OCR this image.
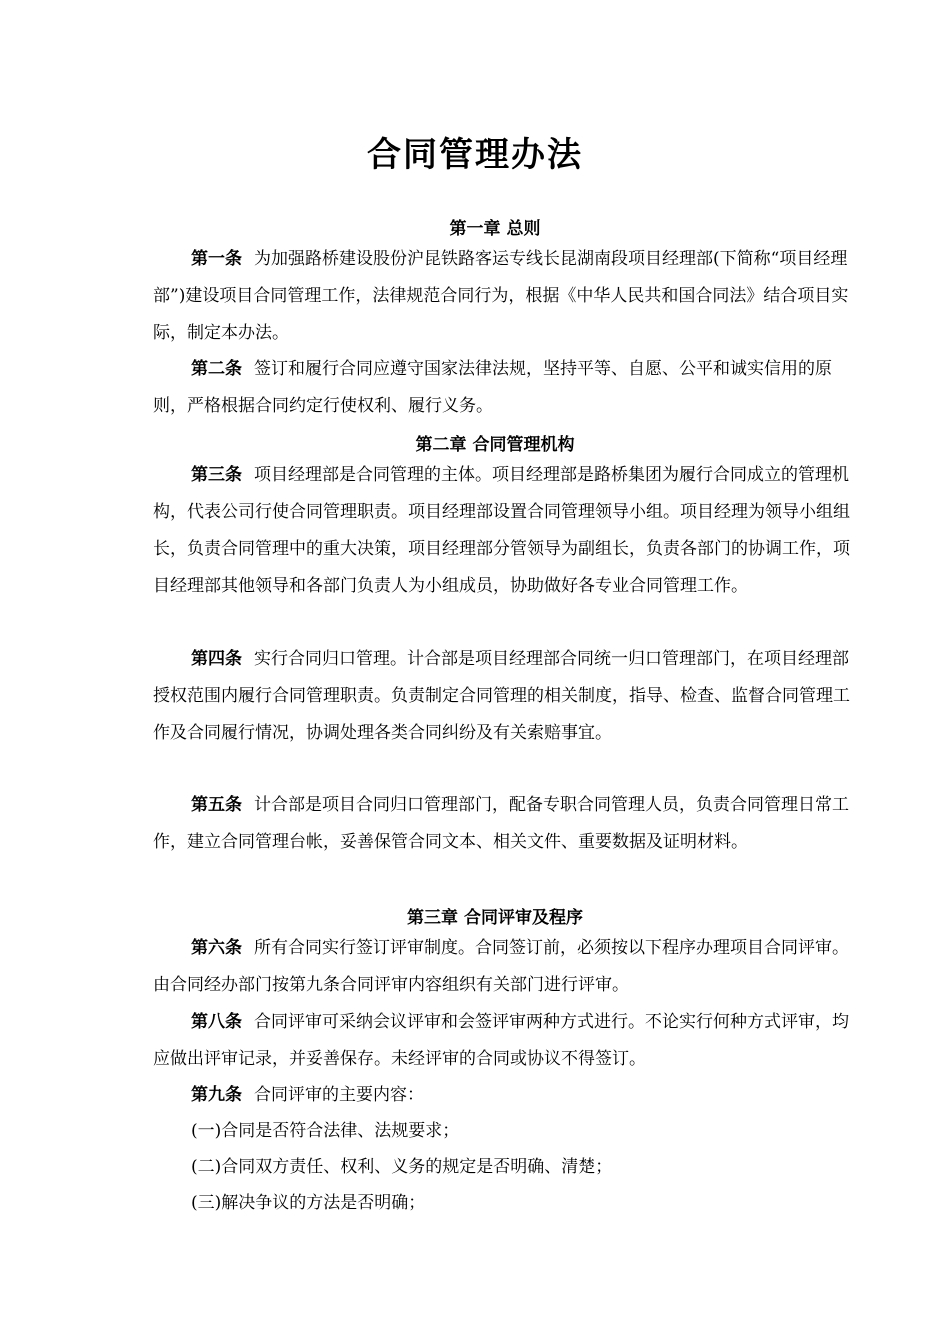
合同管理办法
第一章 总则

第一条 为加强路桥建设股份沪昆铁路客运专线长昆湖南段项目经理部(下简称“项目经理部”)建设项目合同管理工作，法律规范合同行为，根据《中华人民共和国合同法》结合项目实际，制定本办法。

第二条 签订和履行合同应遵守国家法律法规，坚持平等、自愿、公平和诚实信用的原则，严格根据合同约定行使权利、履行义务。

第二章 合同管理机构

第三条 项目经理部是合同管理的主体。项目经理部是路桥集团为履行合同成立的管理机构，代表公司行使合同管理职责。项目经理部设置合同管理领导小组。项目经理为领导小组组长，负责合同管理中的重大决策，项目经理部分管领导为副组长，负责各部门的协调工作，项目经理部其他领导和各部门负责人为小组成员，协助做好各专业合同管理工作。

第四条 实行合同归口管理。计合部是项目经理部合同统一归口管理部门，在项目经理部授权范围内履行合同管理职责。负责制定合同管理的相关制度，指导、检查、监督合同管理工作及合同履行情况，协调处理各类合同纠纷及有关索赔事宜。

第五条 计合部是项目合同归口管理部门，配备专职合同管理人员，负责合同管理日常工作，建立合同管理台帐，妥善保管合同文本、相关文件、重要数据及证明材料。

第三章 合同评审及程序

第六条 所有合同实行签订评审制度。合同签订前，必须按以下程序办理项目合同评审。由合同经办部门按第九条合同评审内容组织有关部门进行评审。

第八条 合同评审可采纳会议评审和会签评审两种方式进行。不论实行何种方式评审，均应做出评审记录，并妥善保存。未经评审的合同或协议不得签订。

第九条 合同评审的主要内容：

(一)合同是否符合法律、法规要求；

(二)合同双方责任、权利、义务的规定是否明确、清楚；

(三)解决争议的方法是否明确；
